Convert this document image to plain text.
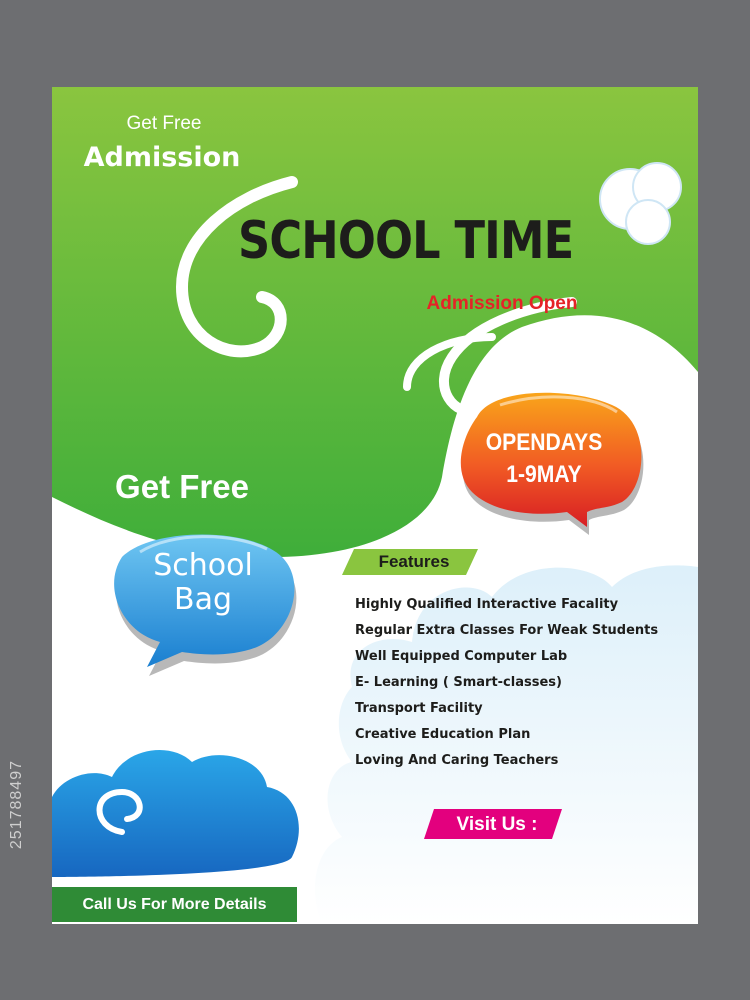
251788497
Get Free
Admission
SCHOOL TIME
Admission Open
OPENDAYS
1-9MAY
Get Free
School
Bag
Features
Highly Qualified Interactive Facality
Regular Extra Classes For Weak Students
Well Equipped Computer Lab
E- Learning ( Smart-classes)
Transport Facility
Creative Education Plan
Loving And Caring Teachers
Visit Us :
Call Us For More Details
